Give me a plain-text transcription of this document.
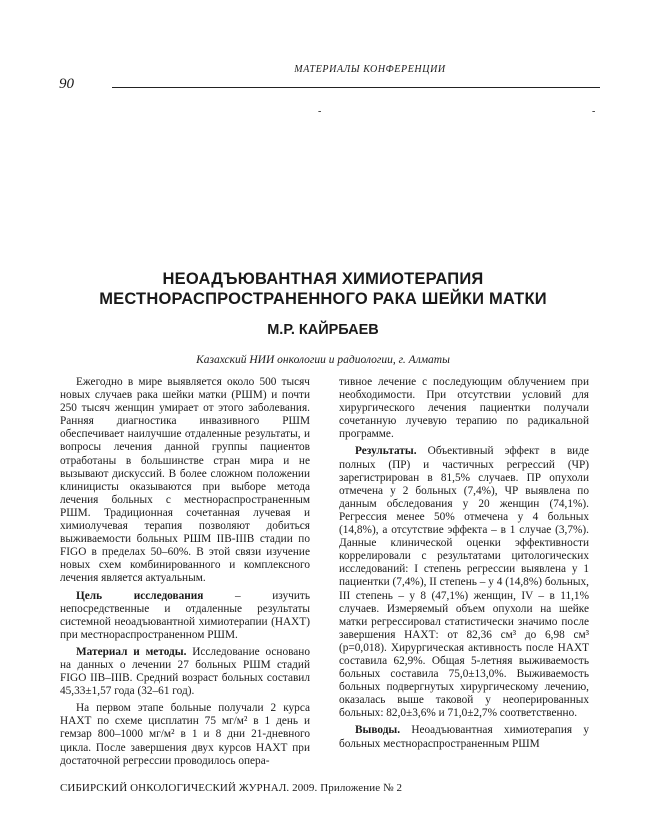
МАТЕРИАЛЫ КОНФЕРЕНЦИИ
90
-	-
НЕОАДЪЮВАНТНАЯ ХИМИОТЕРАПИЯ
МЕСТНОРАСПРОСТРАНЕННОГО РАКА ШЕЙКИ МАТКИ
М.Р. КАЙРБАЕВ
Казахский НИИ онкологии и радиологии, г. Алматы

Ежегодно в мире выявляется около 500 тысяч новых случаев рака шейки матки (РШМ) и почти 250 тысяч женщин умирает от этого заболевания. Ранняя диагностика инвазивного РШМ обеспечивает наилучшие отдаленные результаты, и вопросы лечения данной группы пациентов отработаны в большинстве стран мира и не вызывают дискуссий. В более сложном положении клиницисты оказываются при выборе метода лечения больных с местнораспространенным РШМ. Традиционная сочетанная лучевая и химиолучевая терапия позволяют добиться выживаемости больных РШМ IIB-IIIB стадии по FIGO в пределах 50–60%. В этой связи изучение новых схем комбинированного и комплексного лечения является актуальным.

Цель исследования – изучить непосредственные и отдаленные результаты системной неоадъювантной химиотерапии (НАХТ) при местнораспространенном РШМ.

Материал и методы. Исследование основано на данных о лечении 27 больных РШМ стадий FIGO IIB–IIIB. Средний возраст больных составил 45,33±1,57 года (32–61 год).

На первом этапе больные получали 2 курса НАХТ по схеме цисплатин 75 мг/м² в 1 день и гемзар 800–1000 мг/м² в 1 и 8 дни 21-дневного цикла. После завершения двух курсов НАХТ при достаточной регрессии проводилось опера-

тивное лечение с последующим облучением при необходимости. При отсутствии условий для хирургического лечения пациентки получали сочетанную лучевую терапию по радикальной программе.

Результаты. Объективный эффект в виде полных (ПР) и частичных регрессий (ЧР) зарегистрирован в 81,5% случаев. ПР опухоли отмечена у 2 больных (7,4%), ЧР выявлена по данным обследования у 20 женщин (74,1%). Регрессия менее 50% отмечена у 4 больных (14,8%), а отсутствие эффекта – в 1 случае (3,7%). Данные клинической оценки эффективности коррелировали с результатами цитологических исследований: I степень регрессии выявлена у 1 пациентки (7,4%), II степень – у 4 (14,8%) больных, III степень – у 8 (47,1%) женщин, IV – в 11,1% случаев. Измеряемый объем опухоли на шейке матки регрессировал статистически значимо после завершения НАХТ: от 82,36 см³ до 6,98 см³ (р=0,018). Хирургическая активность после НАХТ составила 62,9%. Общая 5-летняя выживаемость больных составила 75,0±13,0%. Выживаемость больных подвергнутых хирургическому лечению, оказалась выше таковой у неоперированных больных: 82,0±3,6% и 71,0±2,7% соответственно.

Выводы. Неоадъювантная химиотерапия у больных местнораспространенным РШМ

СИБИРСКИЙ ОНКОЛОГИЧЕСКИЙ ЖУРНАЛ. 2009. Приложение № 2
